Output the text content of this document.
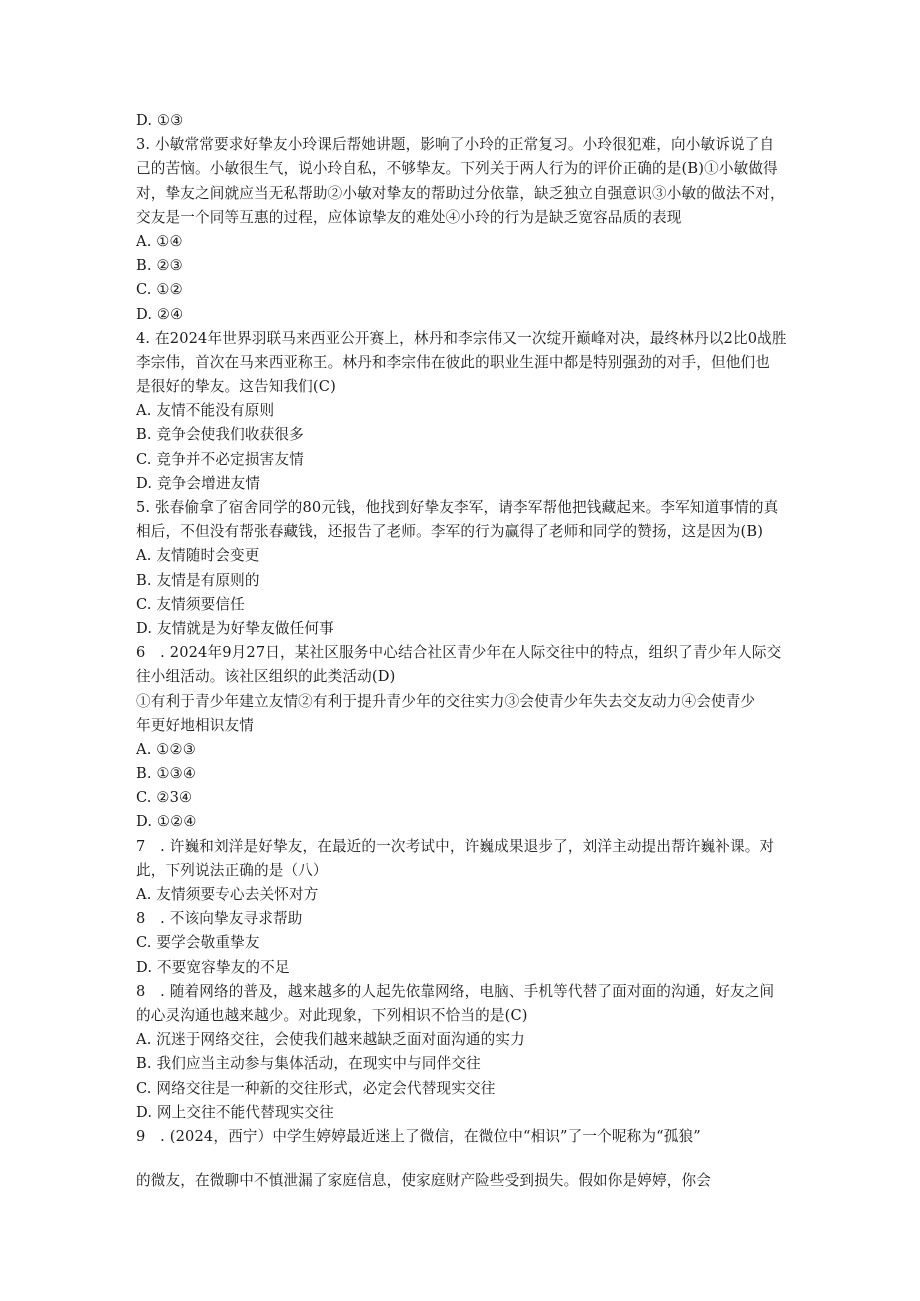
D. ①③
3. 小敏常常要求好挚友小玲课后帮她讲题，影响了小玲的正常复习。小玲很犯难，向小敏诉说了自
己的苦恼。小敏很生气，说小玲自私，不够挚友。下列关于两人行为的评价正确的是(B)①小敏做得
对，挚友之间就应当无私帮助②小敏对挚友的帮助过分依靠，缺乏独立自强意识③小敏的做法不对，
交友是一个同等互惠的过程，应体谅挚友的难处④小玲的行为是缺乏宽容品质的表现
A. ①④
B. ②③
C. ①②
D. ②④
4. 在2024年世界羽联马来西亚公开赛上，林丹和李宗伟又一次绽开巅峰对决，最终林丹以2比0战胜
李宗伟，首次在马来西亚称王。林丹和李宗伟在彼此的职业生涯中都是特别强劲的对手，但他们也
是很好的挚友。这告知我们(C)
A. 友情不能没有原则
B. 竞争会使我们收获很多
C. 竞争并不必定损害友情
D. 竞争会增进友情
5. 张春偷拿了宿舍同学的80元钱，他找到好挚友李军，请李军帮他把钱藏起来。李军知道事情的真
相后，不但没有帮张春藏钱，还报告了老师。李军的行为赢得了老师和同学的赞扬，这是因为(B)
A. 友情随时会变更
B. 友情是有原则的
C. 友情须要信任
D. 友情就是为好挚友做任何事
6　. 2024年9月27日，某社区服务中心结合社区青少年在人际交往中的特点，组织了青少年人际交
往小组活动。该社区组织的此类活动(D)
①有利于青少年建立友情②有利于提升青少年的交往实力③会使青少年失去交友动力④会使青少
年更好地相识友情
A. ①②③
B. ①③④
C. ②3④
D. ①②④
7　. 许巍和刘洋是好挚友，在最近的一次考试中，许巍成果退步了，刘洋主动提出帮许巍补课。对
此，下列说法正确的是（八）
A. 友情须要专心去关怀对方
8　. 不该向挚友寻求帮助
C. 要学会敬重挚友
D. 不要宽容挚友的不足
8　. 随着网络的普及，越来越多的人起先依靠网络，电脑、手机等代替了面对面的沟通，好友之间
的心灵沟通也越来越少。对此现象，下列相识不恰当的是(C)
A. 沉迷于网络交往，会使我们越来越缺乏面对面沟通的实力
B. 我们应当主动参与集体活动，在现实中与同伴交往
C. 网络交往是一种新的交往形式，必定会代替现实交往
D. 网上交往不能代替现实交往
9　. (2024，西宁）中学生婷婷最近迷上了微信，在微位中“相识”了一个呢称为“孤狼”
的微友，在微聊中不慎泄漏了家庭信息，使家庭财产险些受到损失。假如你是婷婷，你会
